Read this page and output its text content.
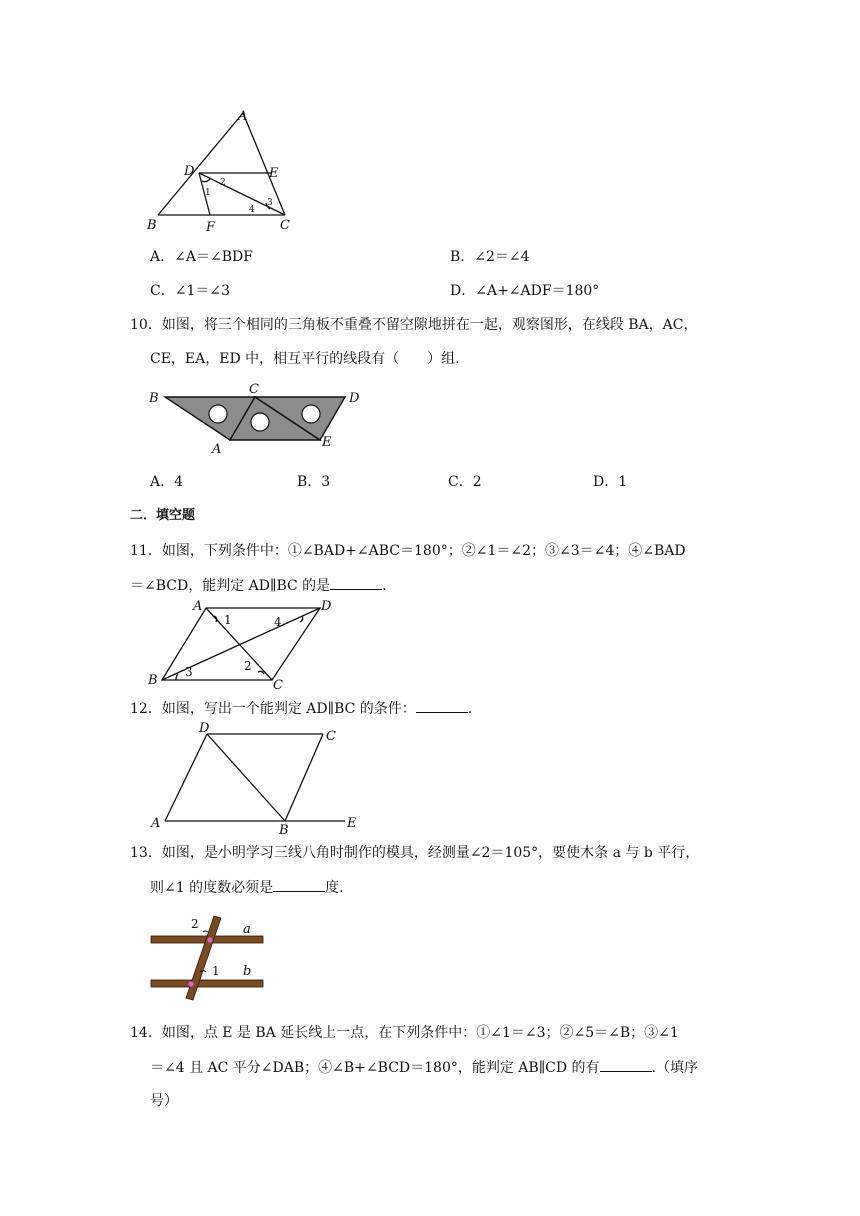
A
D	E
B	F	C
1
2
3
4
A．∠A＝∠BDF	B．∠2＝∠4
C．∠1＝∠3	D．∠A+∠ADF＝180°
10．如图，将三个相同的三角板不重叠不留空隙地拼在一起，观察图形，在线段 BA，AC，
CE，EA，ED 中，相互平行的线段有（　　）组.
B
C
D
A	E
A．4	B．3	C．2	D．1
二．填空题
11．如图，下列条件中：①∠BAD+∠ABC＝180°；②∠1＝∠2；③∠3＝∠4；④∠BAD
＝∠BCD，能判定 AD∥BC 的是	.
A	D
B	C
1	4
3	2
12．如图，写出一个能判定 AD∥BC 的条件：	.
D
C
A	B	E
13．如图，是小明学习三线八角时制作的模具，经测量∠2＝105°，要使木条 a 与 b 平行，
则∠1 的度数必须是	度.
2
1
a
b
14．如图，点 E 是 BA 延长线上一点，在下列条件中：①∠1＝∠3；②∠5＝∠B；③∠1
＝∠4 且 AC 平分∠DAB；④∠B+∠BCD＝180°，能判定 AB∥CD 的有	.（填序
号）
